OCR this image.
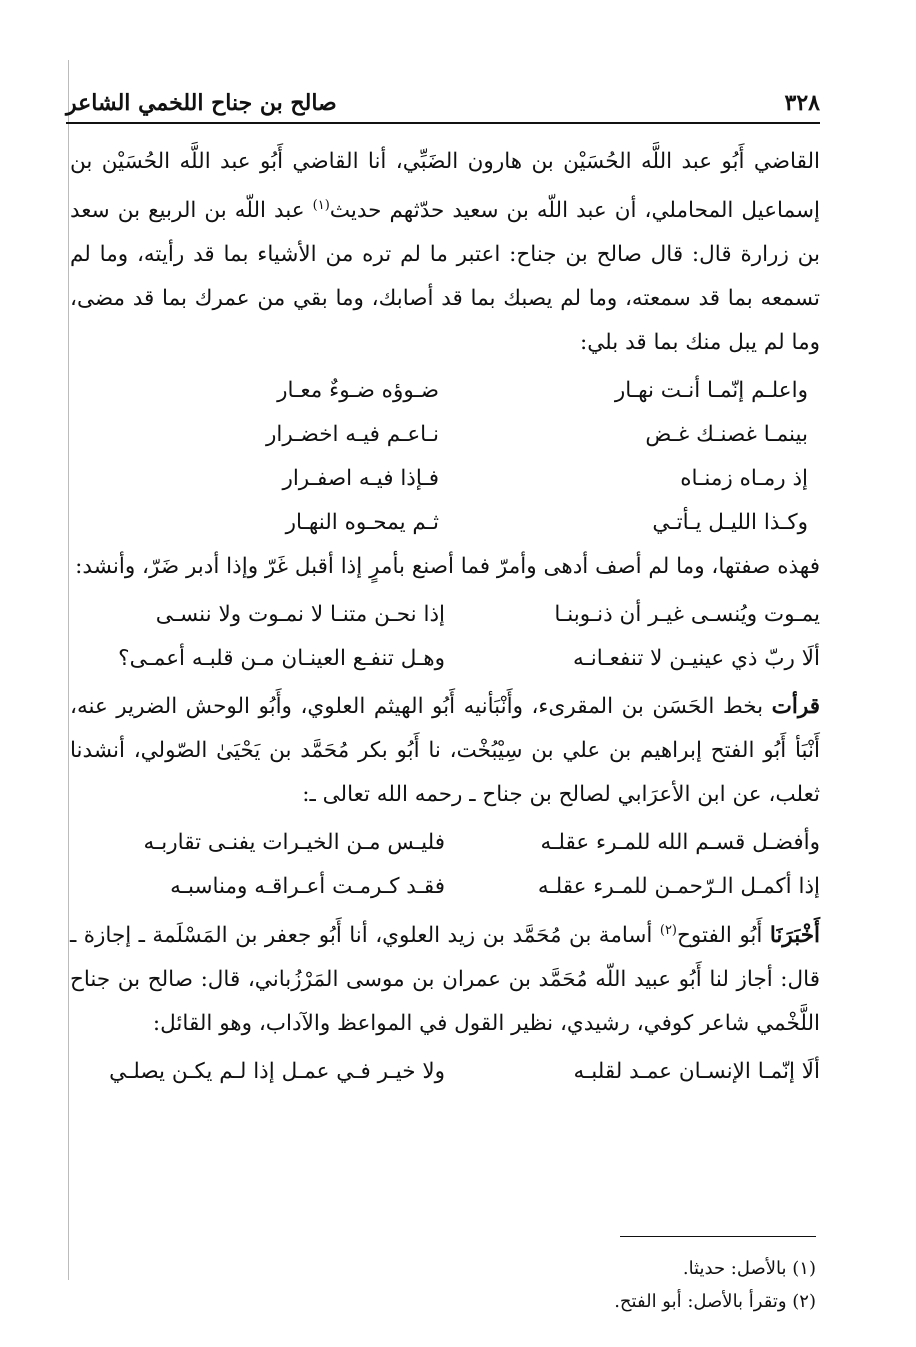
٣٢٨
صالح بن جناح اللخمي الشاعر

القاضي أَبُو عبد اللَّه الحُسَيْن بن هارون الضَبِّي، أنا القاضي أَبُو عبد اللَّه الحُسَيْن بن إسماعيل المحاملي، أن عبد اللّه بن سعيد حدّثهم حديث$^{(١)}$ عبد اللّه بن الربيع بن سعد بن زرارة قال: قال صالح بن جناح: اعتبر ما لم تره من الأشياء بما قد رأيته، وما لم تسمعه بما قد سمعته، وما لم يصبك بما قد أصابك، وما بقي من عمرك بما قد مضى، وما لم يبل منك بما قد بلي:

واعلـم إنّمـا أنـت نهـار
ضـوؤه ضـوءٌ معـار
بينمـا غصنـك غـض
نـاعـم فيـه اخضـرار
إذ رمـاه زمنـاه
فـإذا فيـه اصفـرار
وكـذا الليـل يـأتـي
ثـم يمحـوه النهـار

فهذه صفتها، وما لم أصف أدهى وأمرّ فما أصنع بأمرٍ إذا أقبل غَرّ وإذا أدبر ضَرّ، وأنشد:

يمـوت ويُنسـى غيـر أن ذنـوبنـا
إذا نحـن متنـا لا نمـوت ولا ننسـى
ألَا ربّ ذي عينيـن لا تنفعـانـه
وهـل تنفـع العينـان مـن قلبـه أعمـى؟

قرأت بخط الحَسَن بن المقرىء، وأَنْبَأنيه أَبُو الهيثم العلوي، وأَبُو الوحش الضرير عنه، أَنْبَأ أَبُو الفتح إبراهيم بن علي بن سِيْبُخْت، نا أَبُو بكر مُحَمَّد بن يَحْيَىٰ الصّولي، أنشدنا ثعلب، عن ابن الأعرَابي لصالح بن جناح ـ رحمه الله تعالى ـ:

وأفضـل قسـم الله للمـرء عقلـه
فليـس مـن الخيـرات يفنـى تقاربـه
إذا أكمـل الـرّحمـن للمـرء عقلـه
فقـد كـرمـت أعـراقـه ومناسبـه

أَخْبَرَنَا أَبُو الفتوح$^{(٢)}$ أسامة بن مُحَمَّد بن زيد العلوي، أنا أَبُو جعفر بن المَسْلَمة ـ إجازة ـ قال: أجاز لنا أَبُو عبيد اللّه مُحَمَّد بن عمران بن موسى المَرْزُباني، قال: صالح بن جناح اللَّخْمي شاعر كوفي، رشيدي، نظير القول في المواعظ والآداب، وهو القائل:

ألَا إنّمـا الإنسـان عمـد لقلبـه
ولا خيـر فـي عمـل إذا لـم يكـن يصلـي
(١) بالأصل: حديثا.
(٢) وتقرأ بالأصل: أبو الفتح.
